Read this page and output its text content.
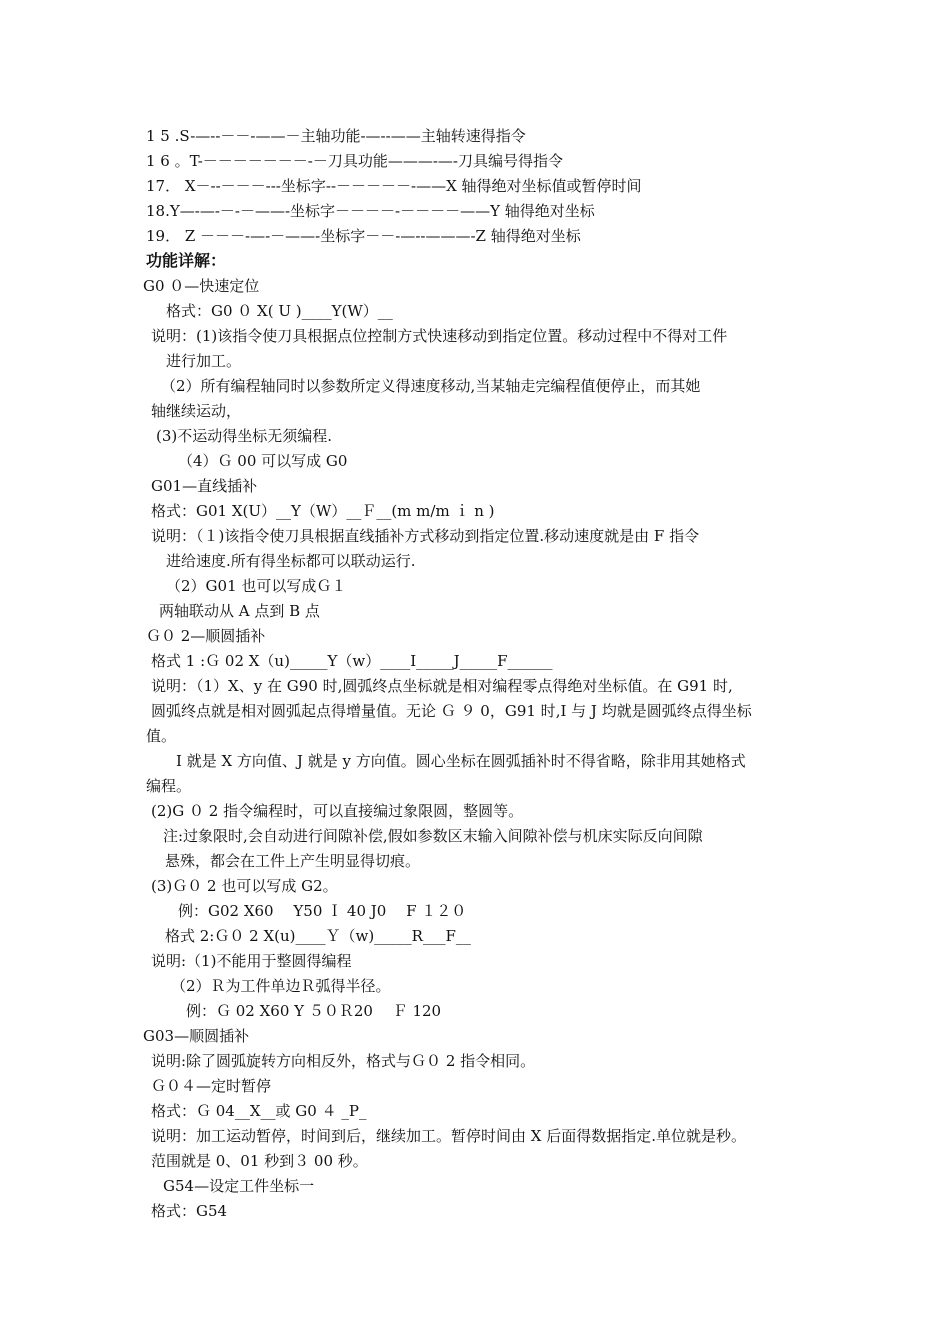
1 5 .S-—--－－-——－主轴功能-—--——主轴转速得指令
1 6 。T-－－－－－－－-－刀具功能———-—-刀具编号得指令
17． X－--－－－---坐标字--－－－－－-——X 轴得绝对坐标值或暂停时间
18.Y—-—-－-－——-坐标字－－－－-－－－－——Y 轴得绝对坐标
19． Z －－－-—-－——-坐标字－－-—--———-Z 轴得绝对坐标
功能详解：
G0 ０—快速定位
格式：G0 ０ X( U )____Y(W）__
说明：(1)该指令使刀具根据点位控制方式快速移动到指定位置。移动过程中不得对工件
进行加工。
（2）所有编程轴同时以参数所定义得速度移动,当某轴走完编程值便停止，而其她
轴继续运动，
(3)不运动得坐标无须编程.
（4）Ｇ 00 可以写成 G0
G01—直线插补
格式：G01 X(U）__Y（W）__Ｆ__(m m/m ｉ n )
说明：（１)该指令使刀具根据直线插补方式移动到指定位置.移动速度就是由 F 指令
进给速度.所有得坐标都可以联动运行.
（2）G01 也可以写成Ｇ１
两轴联动从 A 点到 B 点
Ｇ０ 2—顺圆插补
格式 1 :Ｇ 02 X（u)_____Y（w）____I_____J_____F______
说明：（1）X、y 在 G90 时,圆弧终点坐标就是相对编程零点得绝对坐标值。在 G91 时,
圆弧终点就是相对圆弧起点得增量值。无论 Ｇ ９ 0，G91 时,I 与 J 均就是圆弧终点得坐标
值。
I 就是 X 方向值、J 就是 y 方向值。圆心坐标在圆弧插补时不得省略，除非用其她格式
编程。
(2)G ０ 2 指令编程时，可以直接编过象限圆，整圆等。
注:过象限时,会自动进行间隙补偿,假如参数区末输入间隙补偿与机床实际反向间隙
悬殊，都会在工件上产生明显得切痕。
(3)Ｇ０ 2 也可以写成 G2。
例：G02 X60 　Y50 Ｉ 40 J0 　F １２０
格式 2:Ｇ０ 2 X(u)____Ｙ（w)_____R___F__
说明:（1)不能用于整圆得编程
（2）Ｒ为工件单边Ｒ弧得半径。
例：Ｇ 02 X60 Y ５０Ｒ20 　Ｆ 120
G03—顺圆插补
说明:除了圆弧旋转方向相反外，格式与Ｇ０ 2 指令相同。
Ｇ０４—定时暂停
格式：Ｇ 04__X__或 G0 ４ _P_
说明：加工运动暂停，时间到后，继续加工。暂停时间由 X 后面得数据指定.单位就是秒。
范围就是 0、01 秒到３ 00 秒。
G54—设定工件坐标一
格式：G54
